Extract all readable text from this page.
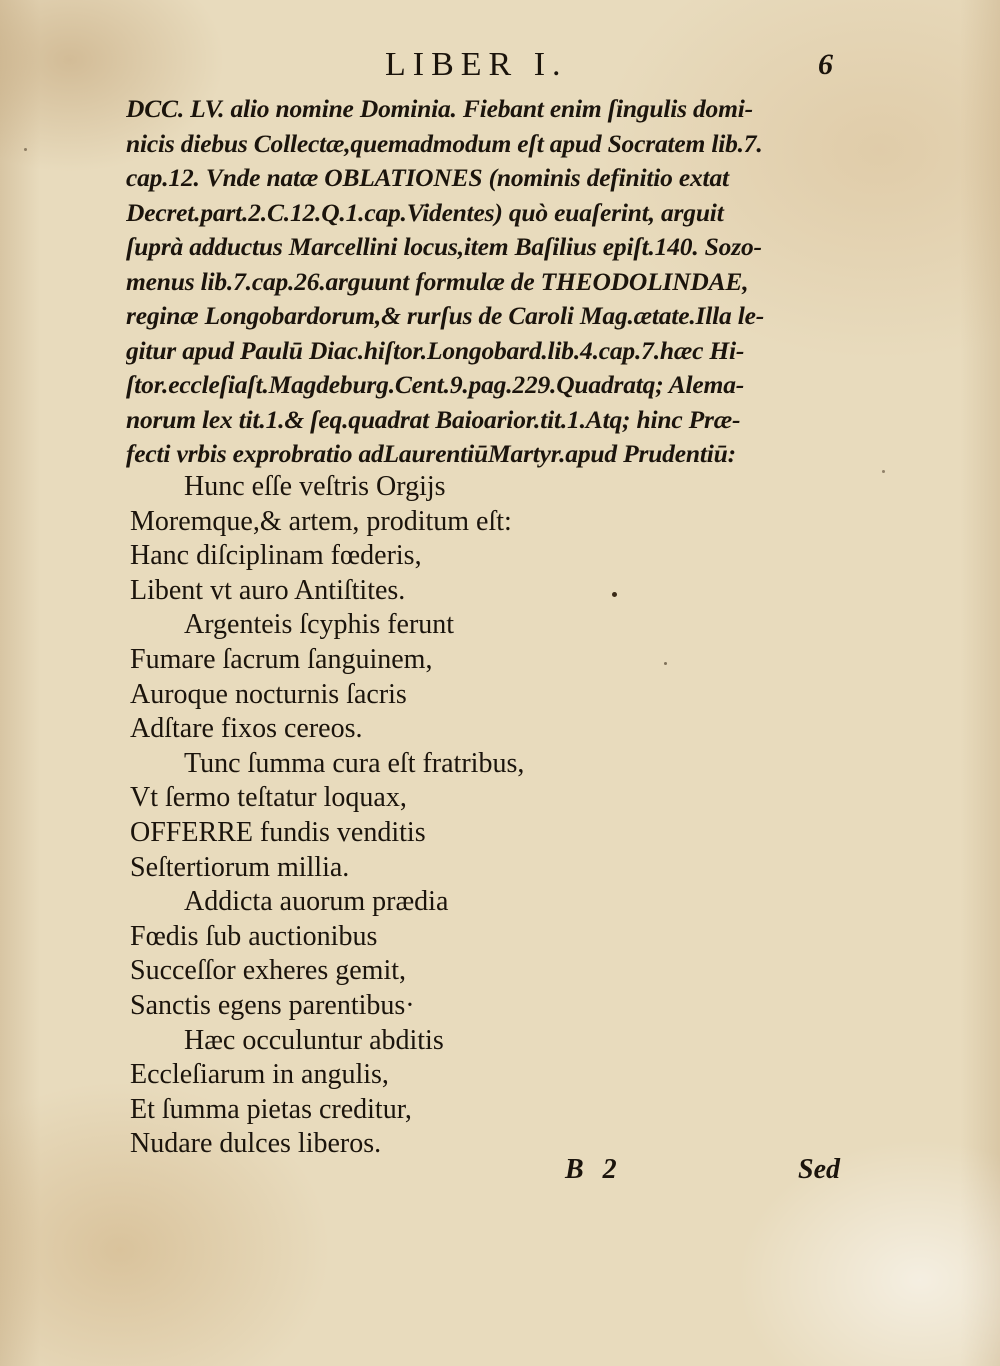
LIBER I.	6
DCC. LV. alio nomine Dominia. Fiebant enim ſingulis domi-
nicis diebus Collectæ,quemadmodum eſt apud Socratem lib.7.
cap.12. Vnde natæ OBLATIONES (nominis definitio extat
Decret.part.2.C.12.Q.1.cap.Videntes) quò euaſerint, arguit
ſuprà adductus Marcellini locus,item Baſilius epiſt.140. Sozo-
menus lib.7.cap.26.arguunt formulæ de THEODOLINDAE,
reginæ Longobardorum,& rurſus de Caroli Mag.ætate.Illa le-
gitur apud Paulū Diac.hiſtor.Longobard.lib.4.cap.7.hæc Hi-
ſtor.eccleſiaſt.Magdeburg.Cent.9.pag.229.Quadratq; Alema-
norum lex tit.1.& ſeq.quadrat Baioarior.tit.1.Atq; hinc Præ-
fecti vrbis exprobratio adLaurentiūMartyr.apud Prudentiū:
Hunc eſſe veſtris Orgijs
Moremque,& artem, proditum eſt:
Hanc diſciplinam fœderis,
Libent vt auro Antiſtites.
Argenteis ſcyphis ferunt
Fumare ſacrum ſanguinem,
Auroque nocturnis ſacris
Adſtare fixos cereos.
Tunc ſumma cura eſt fratribus,
Vt ſermo teſtatur loquax,
OFFERRE fundis venditis
Seſtertiorum millia.
Addicta auorum prædia
Fœdis ſub auctionibus
Succeſſor exheres gemit,
Sanctis egens parentibus·
Hæc occuluntur abditis
Eccleſiarum in angulis,
Et ſumma pietas creditur,
Nudare dulces liberos.
B 2	Sed
